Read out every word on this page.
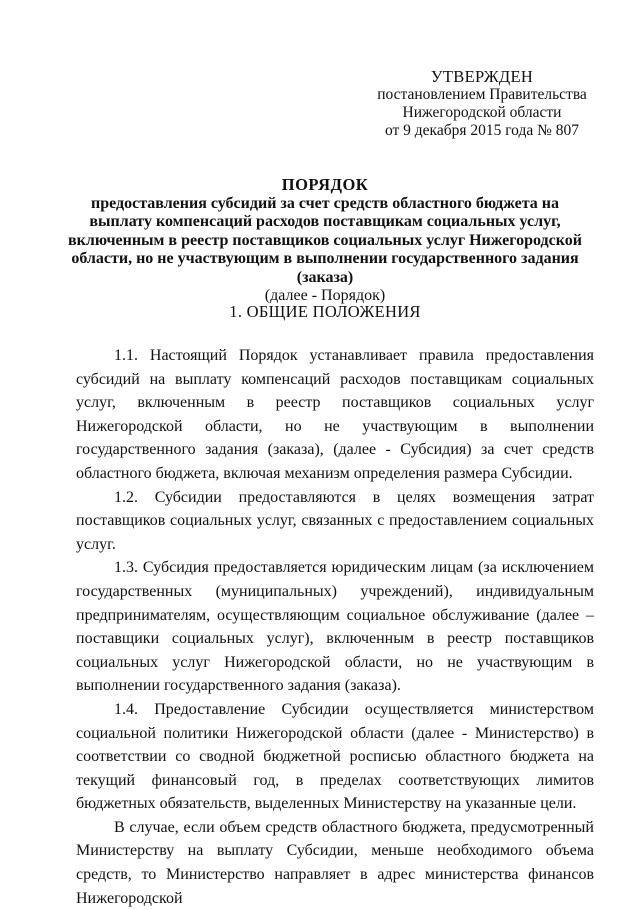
УТВЕРЖДЕН
постановлением Правительства
Нижегородской области
от 9 декабря 2015 года № 807
ПОРЯДОК
предоставления субсидий за счет средств областного бюджета на выплату компенсаций расходов поставщикам социальных услуг, включенным в реестр поставщиков социальных услуг Нижегородской области, но не участвующим в выполнении государственного задания (заказа)
(далее - Порядок)
1. ОБЩИЕ ПОЛОЖЕНИЯ

1.1. Настоящий Порядок устанавливает правила предоставления субсидий на выплату компенсаций расходов поставщикам социальных услуг, включенным в реестр поставщиков социальных услуг Нижегородской области, но не участвующим в выполнении государственного задания (заказа), (далее - Субсидия) за счет средств областного бюджета, включая механизм определения размера Субсидии.

1.2. Субсидии предоставляются в целях возмещения затрат поставщиков социальных услуг, связанных с предоставлением социальных услуг.

1.3. Субсидия предоставляется юридическим лицам (за исключением государственных (муниципальных) учреждений), индивидуальным предпринимателям, осуществляющим социальное обслуживание (далее – поставщики социальных услуг), включенным в реестр поставщиков социальных услуг Нижегородской области, но не участвующим в выполнении государственного задания (заказа).

1.4. Предоставление Субсидии осуществляется министерством социальной политики Нижегородской области (далее - Министерство) в соответствии со сводной бюджетной росписью областного бюджета на текущий финансовый год, в пределах соответствующих лимитов бюджетных обязательств, выделенных Министерству на указанные цели.

В случае, если объем средств областного бюджета, предусмотренный Министерству на выплату Субсидии, меньше необходимого объема средств, то Министерство направляет в адрес министерства финансов Нижегородской
